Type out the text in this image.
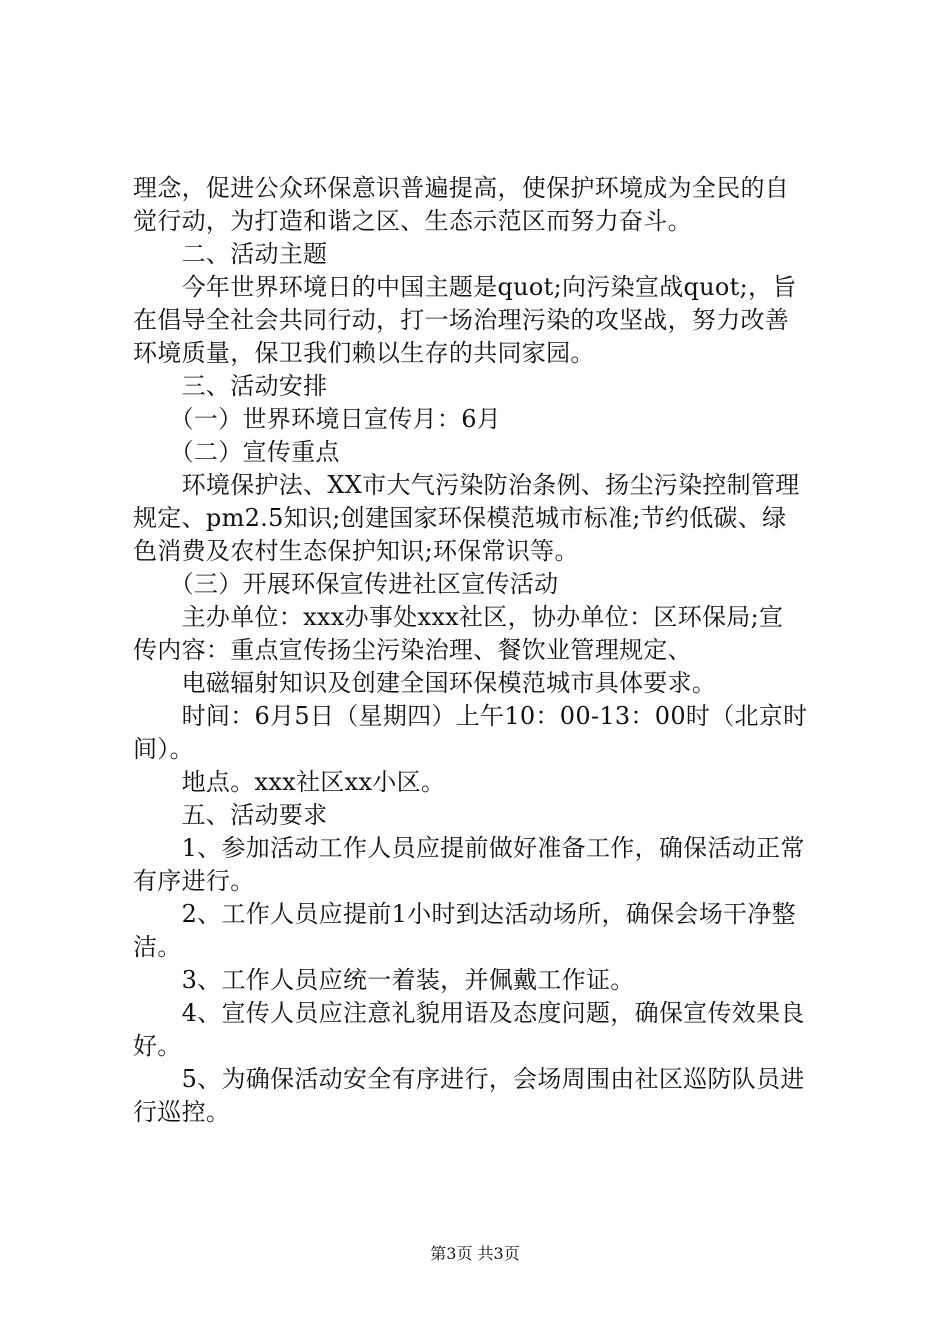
理念，促进公众环保意识普遍提高，使保护环境成为全民的自
觉行动，为打造和谐之区、生态示范区而努力奋斗。
　　二、活动主题
　　今年世界环境日的中国主题是quot;向污染宣战quot;，旨
在倡导全社会共同行动，打一场治理污染的攻坚战，努力改善
环境质量，保卫我们赖以生存的共同家园。
　　三、活动安排
　　（一）世界环境日宣传月：6月
　　（二）宣传重点
　　环境保护法、XX市大气污染防治条例、扬尘污染控制管理
规定、pm2.5知识;创建国家环保模范城市标准;节约低碳、绿
色消费及农村生态保护知识;环保常识等。
　　（三）开展环保宣传进社区宣传活动
　　主办单位：xxx办事处xxx社区，协办单位：区环保局;宣
传内容：重点宣传扬尘污染治理、餐饮业管理规定、
　　电磁辐射知识及创建全国环保模范城市具体要求。
　　时间：6月5日（星期四）上午10：00-13：00时（北京时
间）。
　　地点。xxx社区xx小区。
　　五、活动要求
　　1、参加活动工作人员应提前做好准备工作，确保活动正常
有序进行。
　　2、工作人员应提前1小时到达活动场所，确保会场干净整
洁。
　　3、工作人员应统一着装，并佩戴工作证。
　　4、宣传人员应注意礼貌用语及态度问题，确保宣传效果良
好。
　　5、为确保活动安全有序进行，会场周围由社区巡防队员进
行巡控。
第3页 共3页
